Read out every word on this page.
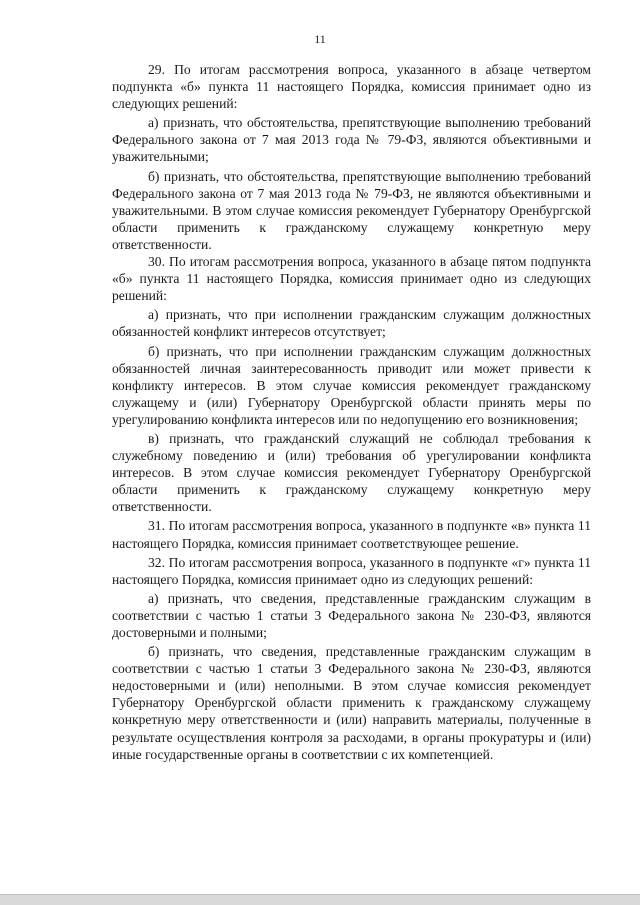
11

29. По итогам рассмотрения вопроса, указанного в абзаце четвертом подпункта «б» пункта 11 настоящего Порядка, комиссия принимает одно из следующих решений:

а) признать, что обстоятельства, препятствующие выполнению требований Федерального закона от 7 мая 2013 года № 79-ФЗ, являются объективными и уважительными;

б) признать, что обстоятельства, препятствующие выполнению требований Федерального закона от 7 мая 2013 года № 79-ФЗ, не являются объективными и уважительными. В этом случае комиссия рекомендует Губернатору Оренбургской области применить к гражданскому служащему конкретную меру ответственности.

30. По итогам рассмотрения вопроса, указанного в абзаце пятом подпункта «б» пункта 11 настоящего Порядка, комиссия принимает одно из следующих решений:

а) признать, что при исполнении гражданским служащим должностных обязанностей конфликт интересов отсутствует;

б) признать, что при исполнении гражданским служащим должностных обязанностей личная заинтересованность приводит или может привести к конфликту интересов. В этом случае комиссия рекомендует гражданскому служащему и (или) Губернатору Оренбургской области принять меры по урегулированию конфликта интересов или по недопущению его возникновения;

в) признать, что гражданский служащий не соблюдал требования к служебному поведению и (или) требования об урегулировании конфликта интересов. В этом случае комиссия рекомендует Губернатору Оренбургской области применить к гражданскому служащему конкретную меру ответственности.

31. По итогам рассмотрения вопроса, указанного в подпункте «в» пункта 11 настоящего Порядка, комиссия принимает соответствующее решение.

32. По итогам рассмотрения вопроса, указанного в подпункте «г» пункта 11 настоящего Порядка, комиссия принимает одно из следующих решений:

а) признать, что сведения, представленные гражданским служащим в соответствии с частью 1 статьи 3 Федерального закона № 230-ФЗ, являются достоверными и полными;

б) признать, что сведения, представленные гражданским служащим в соответствии с частью 1 статьи 3 Федерального закона № 230-ФЗ, являются недостоверными и (или) неполными. В этом случае комиссия рекомендует Губернатору Оренбургской области применить к гражданскому служащему конкретную меру ответственности и (или) направить материалы, полученные в результате осуществления контроля за расходами, в органы прокуратуры и (или) иные государственные органы в соответствии с их компетенцией.
